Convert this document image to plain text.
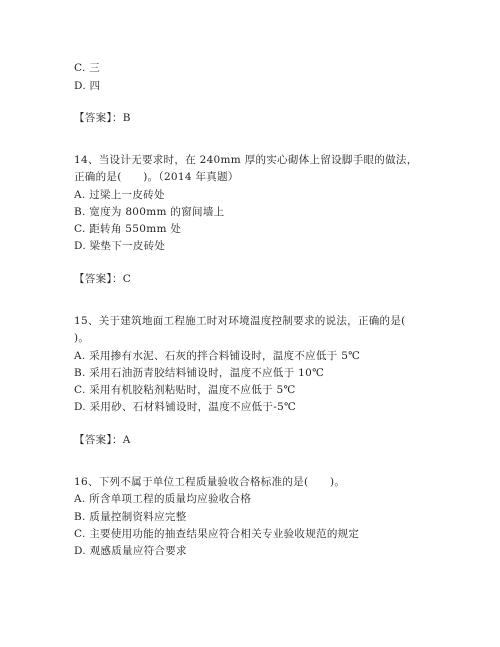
C. 三
D. 四
【答案】：B
14、当设计无要求时，在 240mm 厚的实心砌体上留设脚手眼的做法，
正确的是(　　)。（2014 年真题）
A. 过梁上一皮砖处
B. 宽度为 800mm 的窗间墙上
C. 距转角 550mm 处
D. 梁垫下一皮砖处
【答案】：C
15、关于建筑地面工程施工时对环境温度控制要求的说法，正确的是(
)。
A. 采用掺有水泥、石灰的拌合料铺设时，温度不应低于 5℃
B. 采用石油沥青胶结料铺设时，温度不应低于 10℃
C. 采用有机胶粘剂粘贴时，温度不应低于 5℃
D. 采用砂、石材料铺设时，温度不应低于-5℃
【答案】：A
16、下列不属于单位工程质量验收合格标准的是(　　)。
A. 所含单项工程的质量均应验收合格
B. 质量控制资料应完整
C. 主要使用功能的抽查结果应符合相关专业验收规范的规定
D. 观感质量应符合要求
